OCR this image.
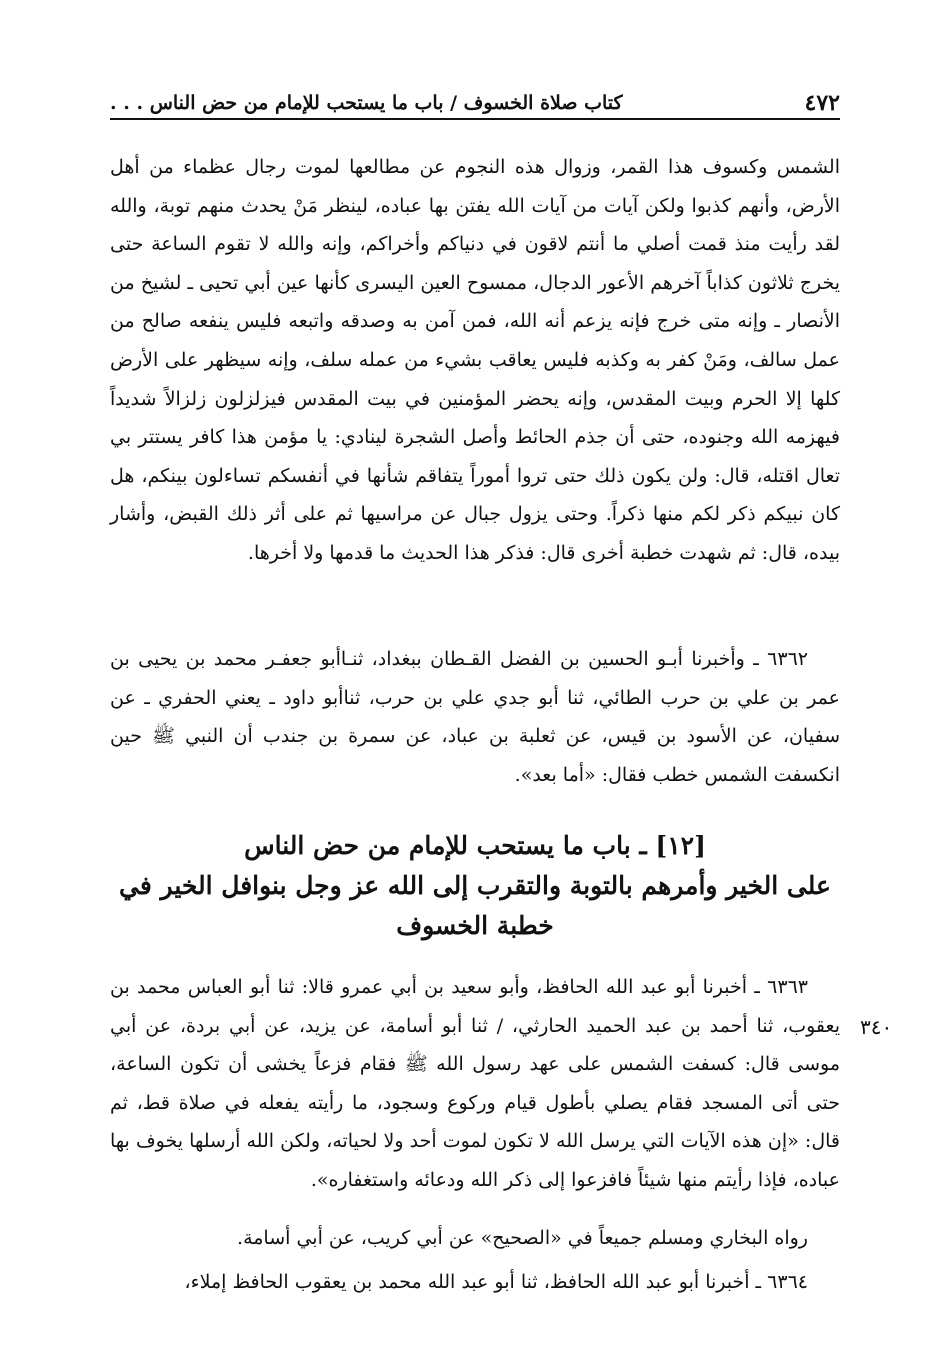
٤٧٢
كتاب صلاة الخسوف / باب ما يستحب للإمام من حض الناس . . .

الشمس وكسوف هذا القمر، وزوال هذه النجوم عن مطالعها لموت رجال عظماء من أهل الأرض، وأنهم كذبوا ولكن آيات من آيات الله يفتن بها عباده، لينظر مَنْ يحدث منهم توبة، والله لقد رأيت منذ قمت أصلي ما أنتم لاقون في دنياكم وأخراكم، وإنه والله لا تقوم الساعة حتى يخرج ثلاثون كذاباً آخرهم الأعور الدجال، ممسوح العين اليسرى كأنها عين أبي تحيى ـ لشيخ من الأنصار ـ وإنه متى خرج فإنه يزعم أنه الله، فمن آمن به وصدقه واتبعه فليس ينفعه صالح من عمل سالف، ومَنْ كفر به وكذبه فليس يعاقب بشيء من عمله سلف، وإنه سيظهر على الأرض كلها إلا الحرم وبيت المقدس، وإنه يحضر المؤمنين في بيت المقدس فيزلزلون زلزالاً شديداً فيهزمه الله وجنوده، حتى أن جذم الحائط وأصل الشجرة لينادي: يا مؤمن هذا كافر يستتر بي تعال اقتله، قال: ولن يكون ذلك حتى تروا أموراً يتفاقم شأنها في أنفسكم تساءلون بينكم، هل كان نبيكم ذكر لكم منها ذكراً. وحتى يزول جبال عن مراسيها ثم على أثر ذلك القبض، وأشار بيده، قال: ثم شهدت خطبة أخرى قال: فذكر هذا الحديث ما قدمها ولا أخرها.

٦٣٦٢ ـ وأخبرنا أبـو الحسين بن الفضل القـطان ببغداد، ثنـاأبو جعفـر محمد بن يحيى بن عمر بن علي بن حرب الطائي، ثنا أبو جدي علي بن حرب، ثناأبو داود ـ يعني الحفري ـ عن سفيان، عن الأسود بن قيس، عن ثعلبة بن عباد، عن سمرة بن جندب أن النبي ﷺ حين انكسفت الشمس خطب فقال: «أما بعد».

[١٢] ـ باب ما يستحب للإمام من حض الناس
على الخير وأمرهم بالتوبة والتقرب إلى الله عز وجل بنوافل الخير في خطبة الخسوف

٦٣٦٣ ـ أخبرنا أبو عبد الله الحافظ، وأبو سعيد بن أبي عمرو قالا: ثنا أبو العباس محمد بن يعقوب، ثنا أحمد بن عبد الحميد الحارثي، / ثنا أبو أسامة، عن يزيد، عن أبي بردة، عن أبي موسى قال: كسفت الشمس على عهد رسول الله ﷺ فقام فزعاً يخشى أن تكون الساعة، حتى أتى المسجد فقام يصلي بأطول قيام وركوع وسجود، ما رأيته يفعله في صلاة قط، ثم قال: «إن هذه الآيات التي يرسل الله لا تكون لموت أحد ولا لحياته، ولكن الله أرسلها يخوف بها عباده، فإذا رأيتم منها شيئاً فافزعوا إلى ذكر الله ودعائه واستغفاره».

٣٤٠

رواه البخاري ومسلم جميعاً في «الصحيح» عن أبي كريب، عن أبي أسامة.

٦٣٦٤ ـ أخبرنا أبو عبد الله الحافظ، ثنا أبو عبد الله محمد بن يعقوب الحافظ إملاء،
